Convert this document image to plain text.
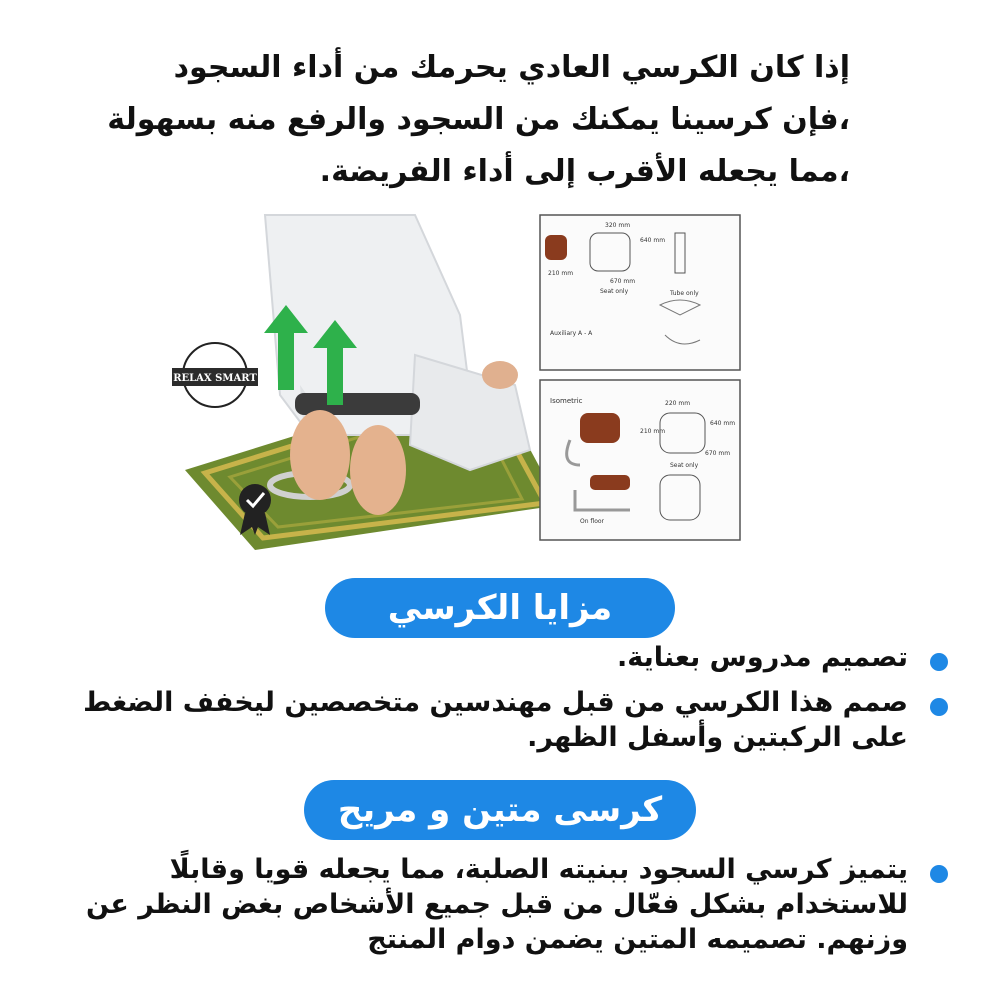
إذا كان الكرسي العادي يحرمك من أداء السجود
،فإن كرسينا يمكنك من السجود والرفع منه بسهولة
،مما يجعله الأقرب إلى أداء الفريضة.
RELAX SMART
320 mm
640 mm
210 mm
670 mm
Seat only	Tube only
Auxiliary A - A
Isometric	220 mm
640 mm
210 mm
670 mm
Seat only
On floor
مزايا الكرسي
تصميم مدروس بعناية.
صمم هذا الكرسي من قبل مهندسين متخصصين ليخفف الضغط على الركبتين وأسفل الظهر.
كرسى متين و مريح
يتميز كرسي السجود ببنيته الصلبة، مما يجعله قويا وقابلًا للاستخدام بشكل فعّال من قبل جميع الأشخاص بغض النظر عن وزنهم. تصميمه المتين يضمن دوام المنتج
